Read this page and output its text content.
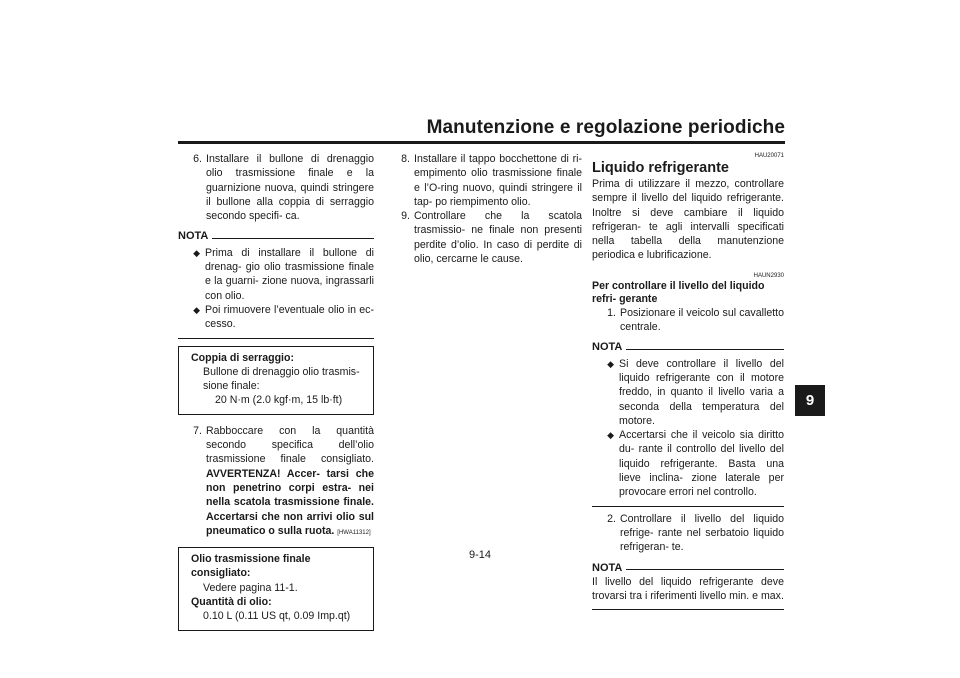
Manutenzione e regolazione periodiche
9
9-14
6. Installare il bullone di drenaggio olio trasmissione finale e la guarnizione nuova, quindi stringere il bullone alla coppia di serraggio secondo specifi- ca.
NOTA
◆ Prima di installare il bullone di drenag- gio olio trasmissione finale e la guarni- zione nuova, ingrassarli con olio.
◆ Poi rimuovere l’eventuale olio in ec- cesso.
Coppia di serraggio:
Bullone di drenaggio olio trasmis- sione finale:
20 N·m (2.0 kgf·m, 15 lb·ft)
7. Rabboccare con la quantità secondo specifica dell’olio trasmissione finale consigliato. AVVERTENZA! Accer- tarsi che non penetrino corpi estra- nei nella scatola trasmissione finale. Accertarsi che non arrivi olio sul pneumatico o sulla ruota. [HWA11312]
Olio trasmissione finale consigliato:
Vedere pagina 11-1.
Quantità di olio:
0.10 L (0.11 US qt, 0.09 Imp.qt)
8. Installare il tappo bocchettone di ri- empimento olio trasmissione finale e l’O-ring nuovo, quindi stringere il tap- po riempimento olio.
9. Controllare che la scatola trasmissio- ne finale non presenti perdite d’olio. In caso di perdite di olio, cercarne le cause.
HAU20071
Liquido refrigerante

Prima di utilizzare il mezzo, controllare sempre il livello del liquido refrigerante. Inoltre si deve cambiare il liquido refrigeran- te agli intervalli specificati nella tabella della manutenzione periodica e lubrificazione.

HAUN2930
Per controllare il livello del liquido refri- gerante
1. Posizionare il veicolo sul cavalletto centrale.
NOTA
◆ Si deve controllare il livello del liquido refrigerante con il motore freddo, in quanto il livello varia a seconda della temperatura del motore.
◆ Accertarsi che il veicolo sia diritto du- rante il controllo del livello del liquido refrigerante. Basta una lieve inclina- zione laterale per provocare errori nel controllo.
2. Controllare il livello del liquido refrige- rante nel serbatoio liquido refrigeran- te.
NOTA

Il livello del liquido refrigerante deve trovarsi tra i riferimenti livello min. e max.
